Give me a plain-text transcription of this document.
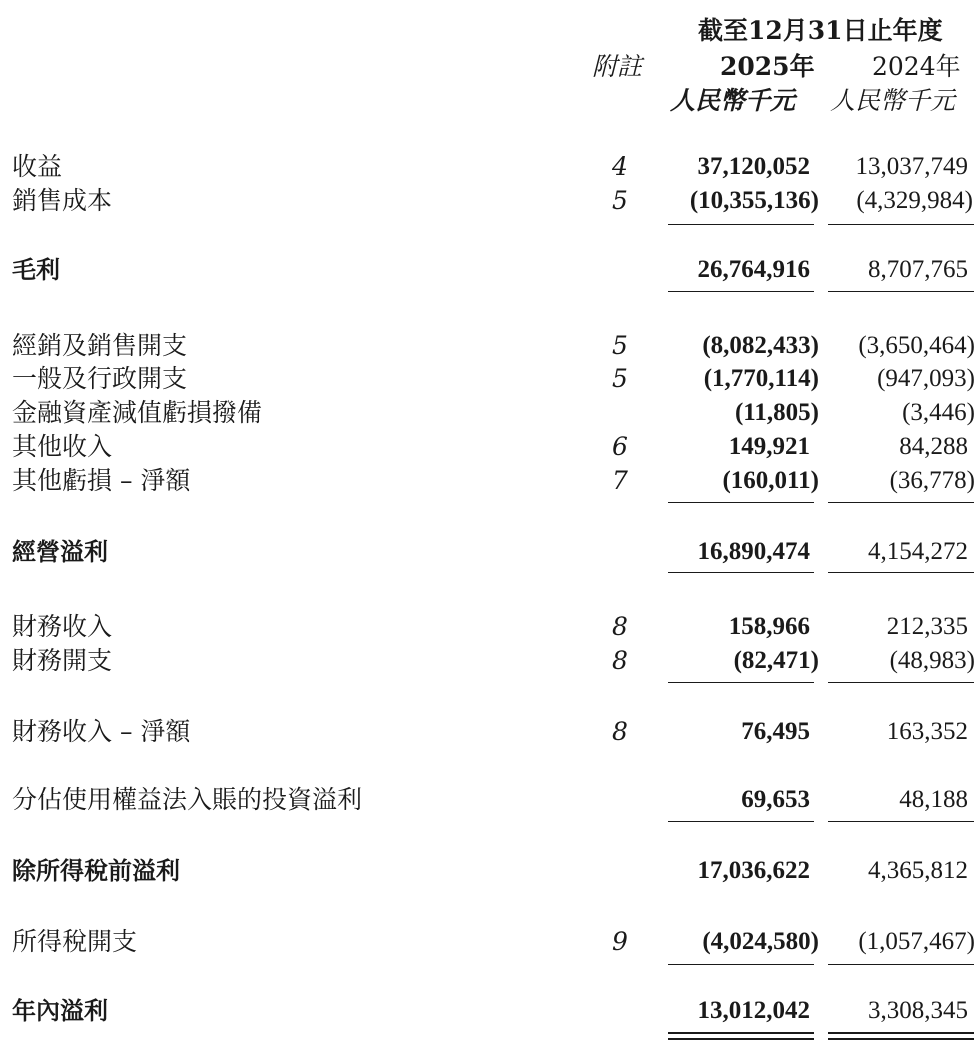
截至12月31日止年度
附註	2025年 2024年
人民幣千元 人民幣千元
收益	4	37,120,052 13,037,749
銷售成本	5	(10,355,136) (4,329,984)
毛利	26,764,916 8,707,765
經銷及銷售開支	5	(8,082,433) (3,650,464)
一般及行政開支	5	(1,770,114) (947,093)
金融資產減值虧損撥備	(11,805)	(3,446)
其他收入	6	149,921	84,288
其他虧損 – 淨額	7	(160,011)	(36,778)
經營溢利	16,890,474 4,154,272
財務收入	8	158,966	212,335
財務開支	8	(82,471)	(48,983)
財務收入 – 淨額	8	76,495	163,352
分佔使用權益法入賬的投資溢利	69,653	48,188
除所得稅前溢利	17,036,622 4,365,812
所得稅開支	9	(4,024,580) (1,057,467)
年內溢利	13,012,042 3,308,345
